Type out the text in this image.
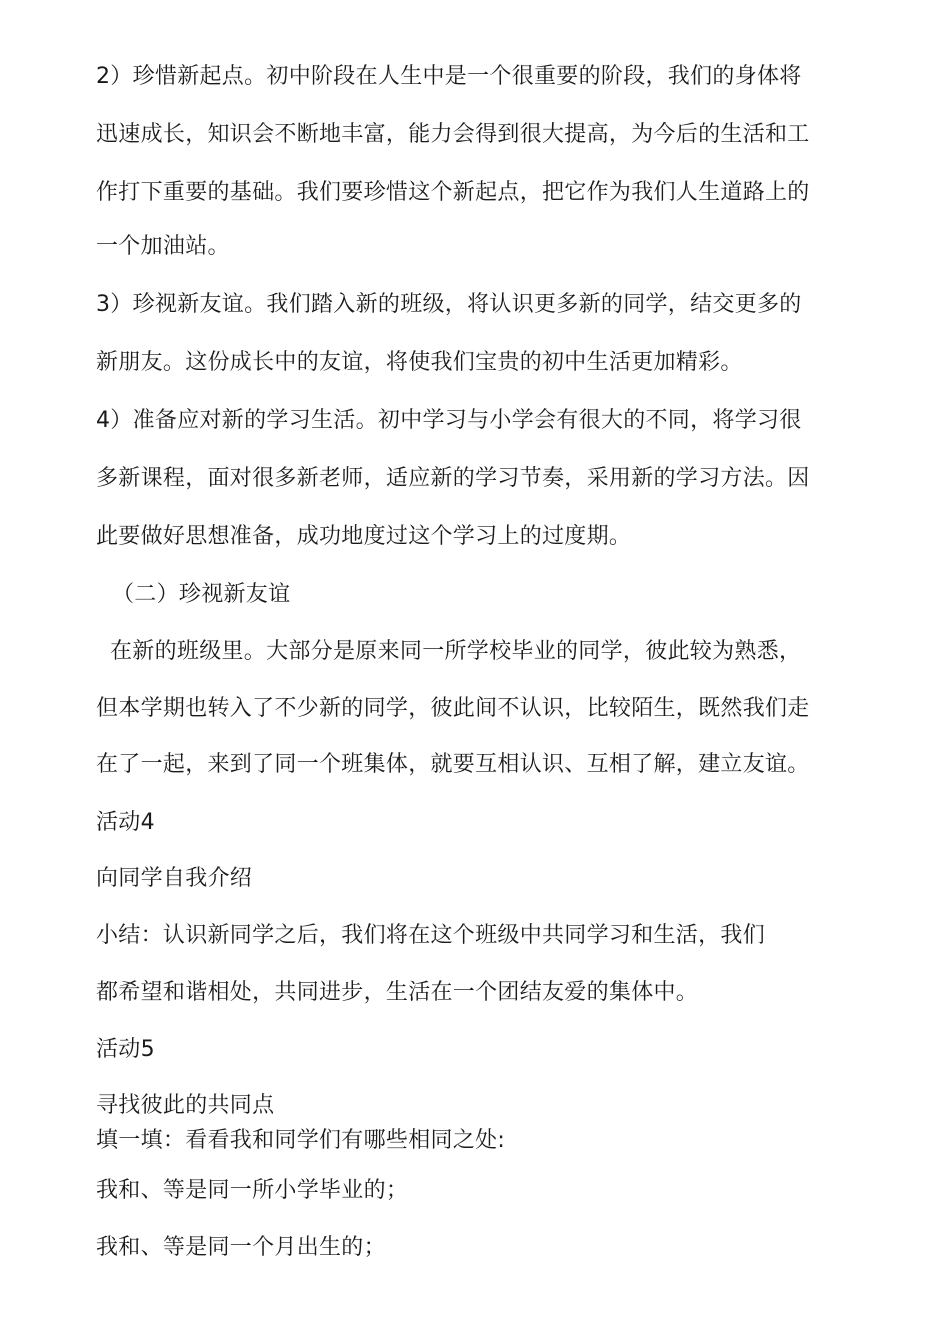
2）珍惜新起点。初中阶段在人生中是一个很重要的阶段，我们的身体将
迅速成长，知识会不断地丰富，能力会得到很大提高，为今后的生活和工
作打下重要的基础。我们要珍惜这个新起点，把它作为我们人生道路上的
一个加油站。
3）珍视新友谊。我们踏入新的班级，将认识更多新的同学，结交更多的
新朋友。这份成长中的友谊，将使我们宝贵的初中生活更加精彩。
4）准备应对新的学习生活。初中学习与小学会有很大的不同，将学习很
多新课程，面对很多新老师，适应新的学习节奏，采用新的学习方法。因
此要做好思想准备，成功地度过这个学习上的过度期。
（二）珍视新友谊
在新的班级里。大部分是原来同一所学校毕业的同学，彼此较为熟悉，
但本学期也转入了不少新的同学，彼此间不认识，比较陌生，既然我们走
在了一起，来到了同一个班集体，就要互相认识、互相了解，建立友谊。
活动4
向同学自我介绍
小结：认识新同学之后，我们将在这个班级中共同学习和生活，我们
都希望和谐相处，共同进步，生活在一个团结友爱的集体中。
活动5
寻找彼此的共同点
填一填：看看我和同学们有哪些相同之处:
我和、等是同一所小学毕业的；
我和、等是同一个月出生的；
